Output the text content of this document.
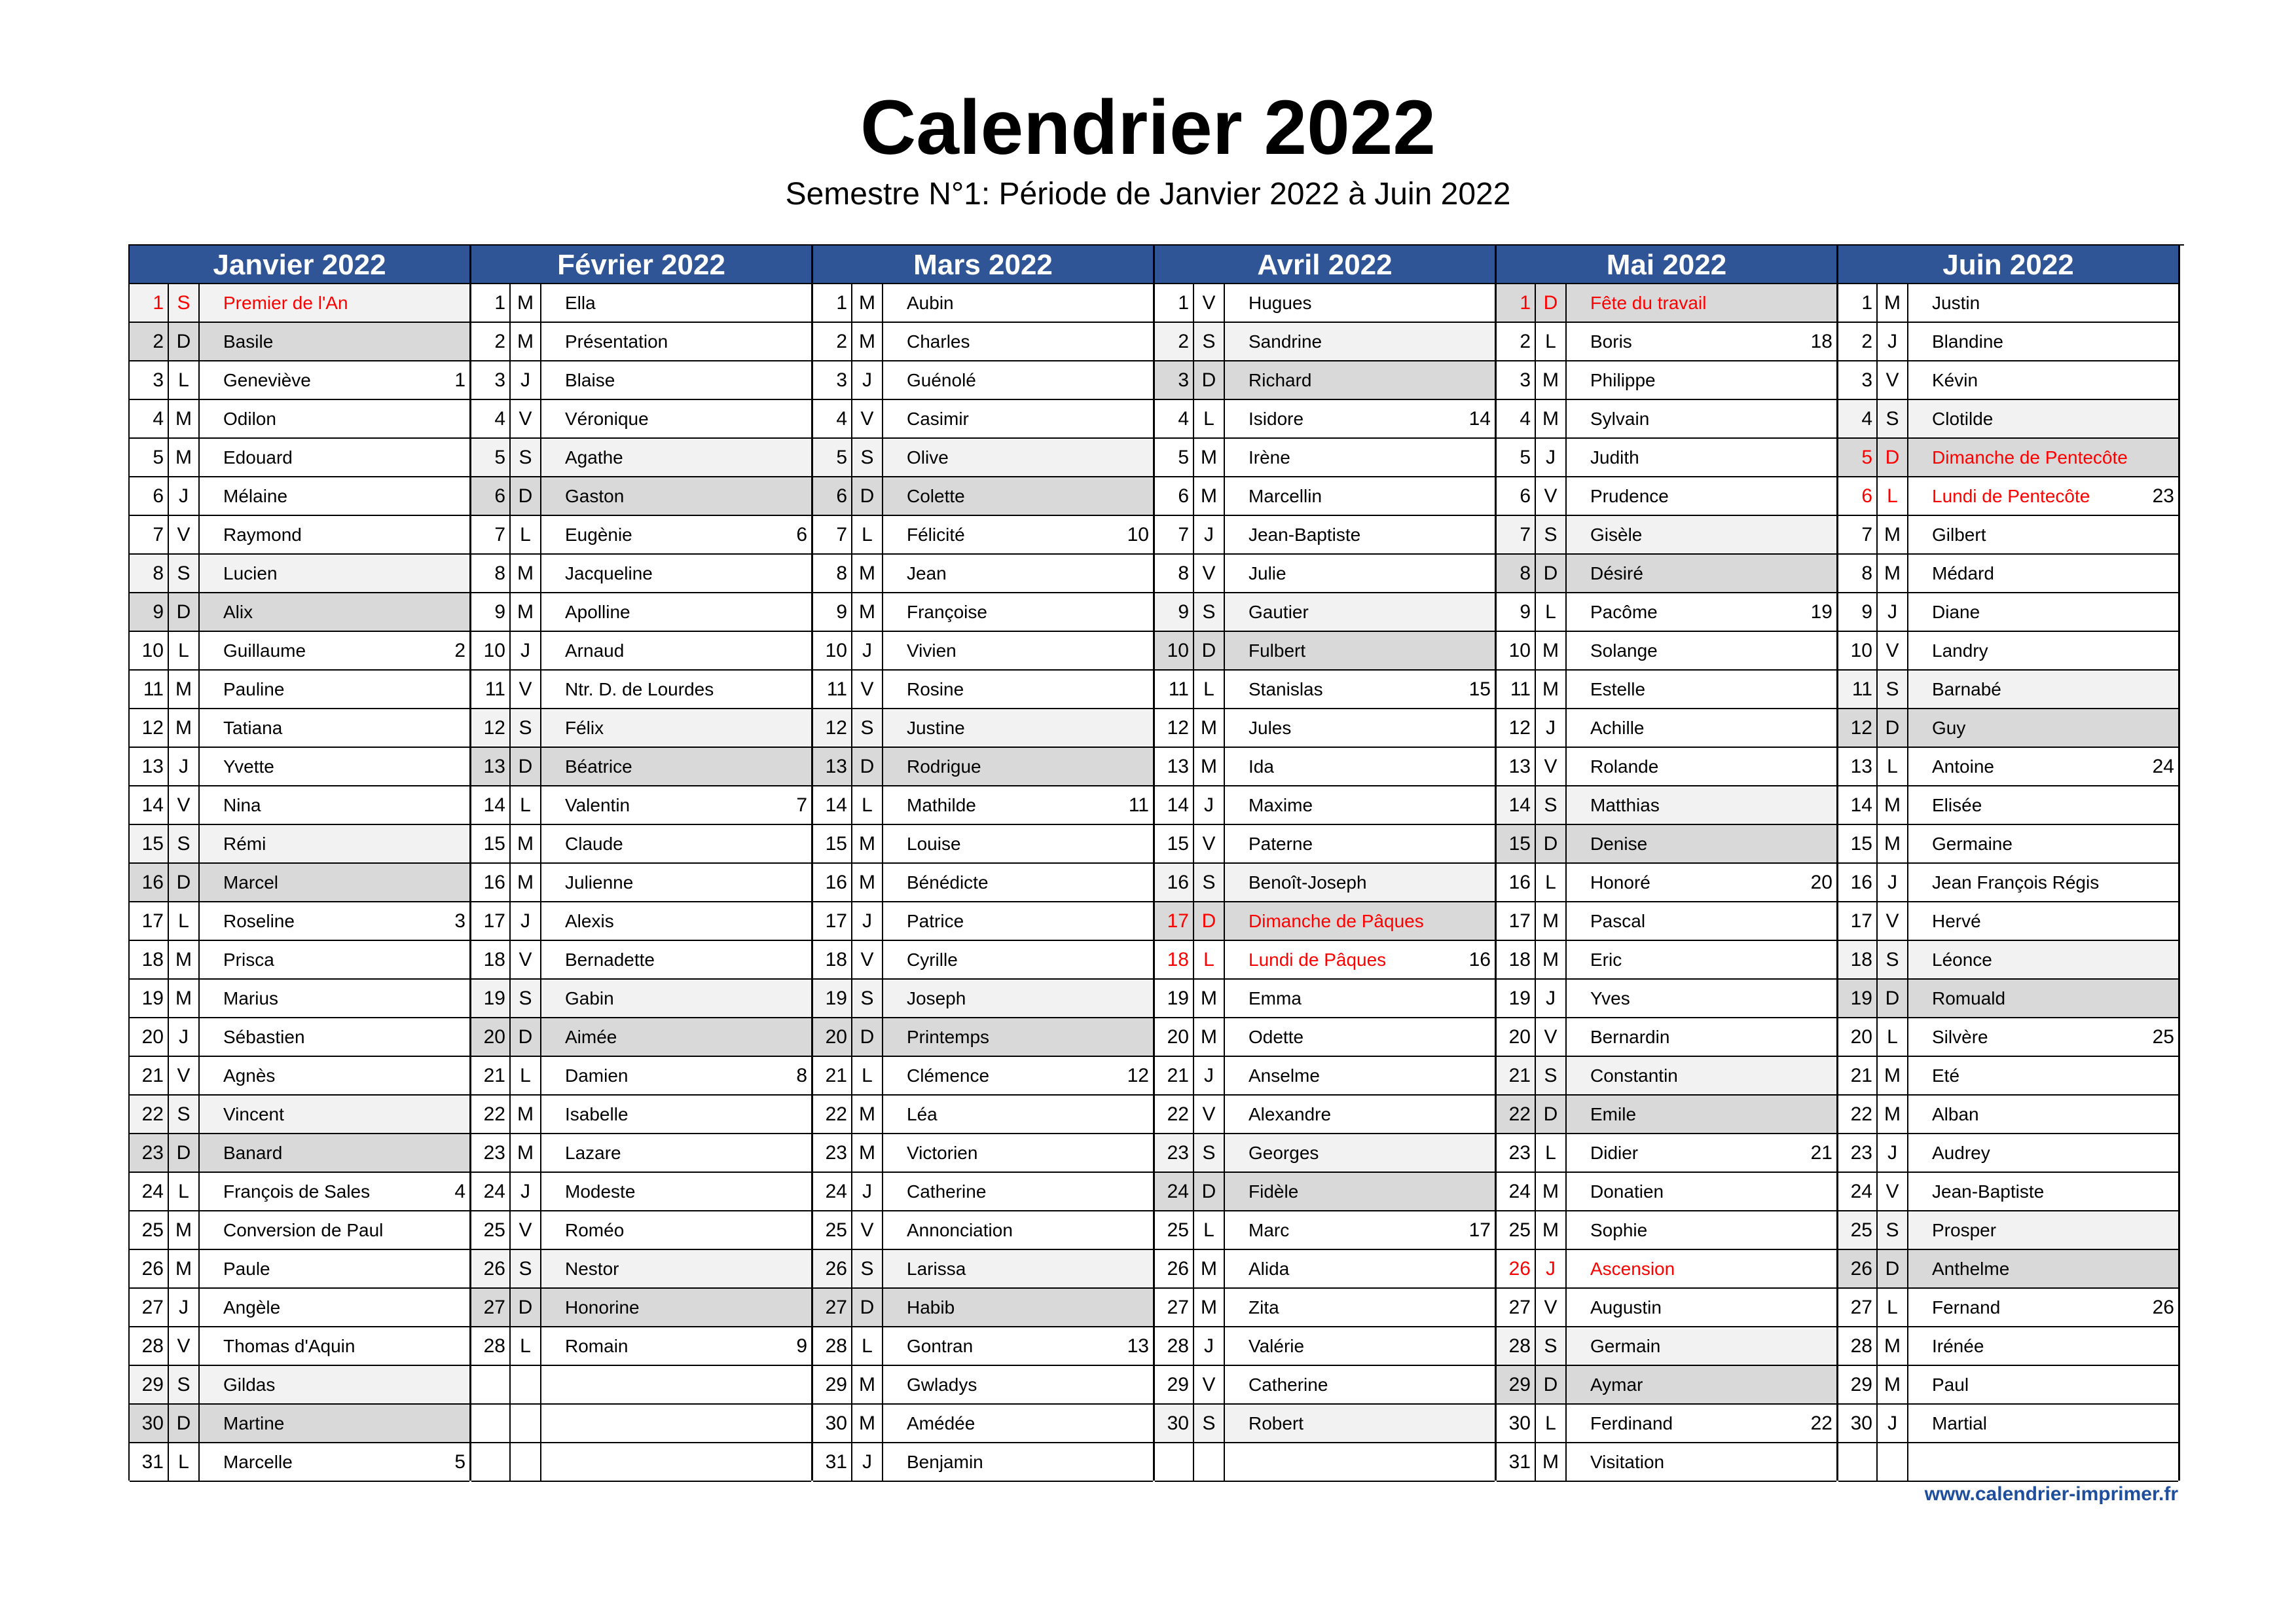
Calendrier 2022
Semestre N°1: Période de Janvier 2022 à Juin 2022
Janvier 2022
1 S	Premier de l'An
2 D	Basile
3 L	Geneviève	1
4 M	Odilon
5 M	Edouard
6 J	Mélaine
7 V	Raymond
8 S	Lucien
9 D	Alix
10 L	Guillaume	2
11 M	Pauline
12 M	Tatiana
13 J	Yvette
14 V	Nina
15 S	Rémi
16 D	Marcel
17 L	Roseline	3
18 M	Prisca
19 M	Marius
20 J	Sébastien
21 V	Agnès
22 S	Vincent
23 D	Banard
24 L	François de Sales	4
25 M	Conversion de Paul
26 M	Paule
27 J	Angèle
28 V	Thomas d'Aquin
29 S	Gildas
30 D	Martine
31 L	Marcelle	5
Février 2022
1 M	Ella
2 M	Présentation
3 J	Blaise
4 V	Véronique
5 S	Agathe
6 D	Gaston
7 L	Eugènie	6
8 M	Jacqueline
9 M	Apolline
10 J	Arnaud
11 V	Ntr. D. de Lourdes
12 S	Félix
13 D	Béatrice
14 L	Valentin	7
15 M	Claude
16 M	Julienne
17 J	Alexis
18 V	Bernadette
19 S	Gabin
20 D	Aimée
21 L	Damien	8
22 M	Isabelle
23 M	Lazare
24 J	Modeste
25 V	Roméo
26 S	Nestor
27 D	Honorine
28 L	Romain	9
Mars 2022
1 M	Aubin
2 M	Charles
3 J	Guénolé
4 V	Casimir
5 S	Olive
6 D	Colette
7 L	Félicité	10
8 M	Jean
9 M	Françoise
10 J	Vivien
11 V	Rosine
12 S	Justine
13 D	Rodrigue
14 L	Mathilde	11
15 M	Louise
16 M	Bénédicte
17 J	Patrice
18 V	Cyrille
19 S	Joseph
20 D	Printemps
21 L	Clémence	12
22 M	Léa
23 M	Victorien
24 J	Catherine
25 V	Annonciation
26 S	Larissa
27 D	Habib
28 L	Gontran	13
29 M	Gwladys
30 M	Amédée
31 J	Benjamin
Avril 2022
1 V	Hugues
2 S	Sandrine
3 D	Richard
4 L	Isidore	14
5 M	Irène
6 M	Marcellin
7 J	Jean-Baptiste
8 V	Julie
9 S	Gautier
10 D	Fulbert
11 L	Stanislas	15
12 M	Jules
13 M	Ida
14 J	Maxime
15 V	Paterne
16 S	Benoît-Joseph
17 D	Dimanche de Pâques
18 L	Lundi de Pâques	16
19 M	Emma
20 M	Odette
21 J	Anselme
22 V	Alexandre
23 S	Georges
24 D	Fidèle
25 L	Marc	17
26 M	Alida
27 M	Zita
28 J	Valérie
29 V	Catherine
30 S	Robert
Mai 2022
1 D	Fête du travail
2 L	Boris	18
3 M	Philippe
4 M	Sylvain
5 J	Judith
6 V	Prudence
7 S	Gisèle
8 D	Désiré
9 L	Pacôme	19
10 M	Solange
11 M	Estelle
12 J	Achille
13 V	Rolande
14 S	Matthias
15 D	Denise
16 L	Honoré	20
17 M	Pascal
18 M	Eric
19 J	Yves
20 V	Bernardin
21 S	Constantin
22 D	Emile
23 L	Didier	21
24 M	Donatien
25 M	Sophie
26 J	Ascension
27 V	Augustin
28 S	Germain
29 D	Aymar
30 L	Ferdinand	22
31 M	Visitation
Juin 2022
1 M	Justin
2 J	Blandine
3 V	Kévin
4 S	Clotilde
5 D	Dimanche de Pentecôte
6 L	Lundi de Pentecôte	23
7 M	Gilbert
8 M	Médard
9 J	Diane
10 V	Landry
11 S	Barnabé
12 D	Guy
13 L	Antoine	24
14 M	Elisée
15 M	Germaine
16 J	Jean François Régis
17 V	Hervé
18 S	Léonce
19 D	Romuald
20 L	Silvère	25
21 M	Eté
22 M	Alban
23 J	Audrey
24 V	Jean-Baptiste
25 S	Prosper
26 D	Anthelme
27 L	Fernand	26
28 M	Irénée
29 M	Paul
30 J	Martial
www.calendrier-imprimer.fr
